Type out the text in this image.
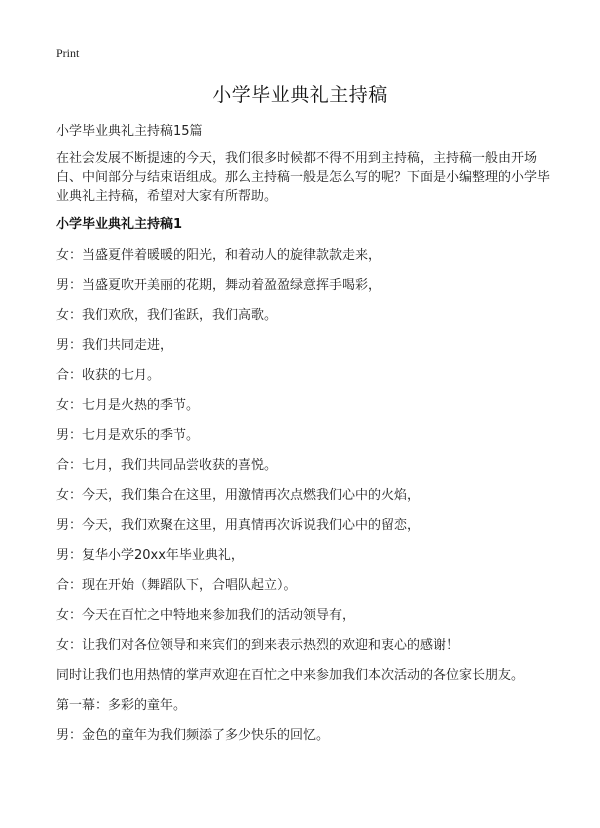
Print
小学毕业典礼主持稿
小学毕业典礼主持稿15篇

在社会发展不断提速的今天，我们很多时候都不得不用到主持稿，主持稿一般由开场白、中间部分与结束语组成。那么主持稿一般是怎么写的呢？下面是小编整理的小学毕业典礼主持稿，希望对大家有所帮助。

小学毕业典礼主持稿1
女：当盛夏伴着暖暖的阳光，和着动人的旋律款款走来，
男：当盛夏吹开美丽的花期，舞动着盈盈绿意挥手喝彩，
女：我们欢欣，我们雀跃，我们高歌。
男：我们共同走进，
合：收获的七月。
女：七月是火热的季节。
男：七月是欢乐的季节。
合：七月，我们共同品尝收获的喜悦。
女：今天，我们集合在这里，用激情再次点燃我们心中的火焰，
男：今天，我们欢聚在这里，用真情再次诉说我们心中的留恋，
男：复华小学20xx年毕业典礼，
合：现在开始（舞蹈队下，合唱队起立）。
女：今天在百忙之中特地来参加我们的活动领导有，
女：让我们对各位领导和来宾们的到来表示热烈的欢迎和衷心的感谢！
同时让我们也用热情的掌声欢迎在百忙之中来参加我们本次活动的各位家长朋友。
第一幕：多彩的童年。
男：金色的童年为我们频添了多少快乐的回忆。
